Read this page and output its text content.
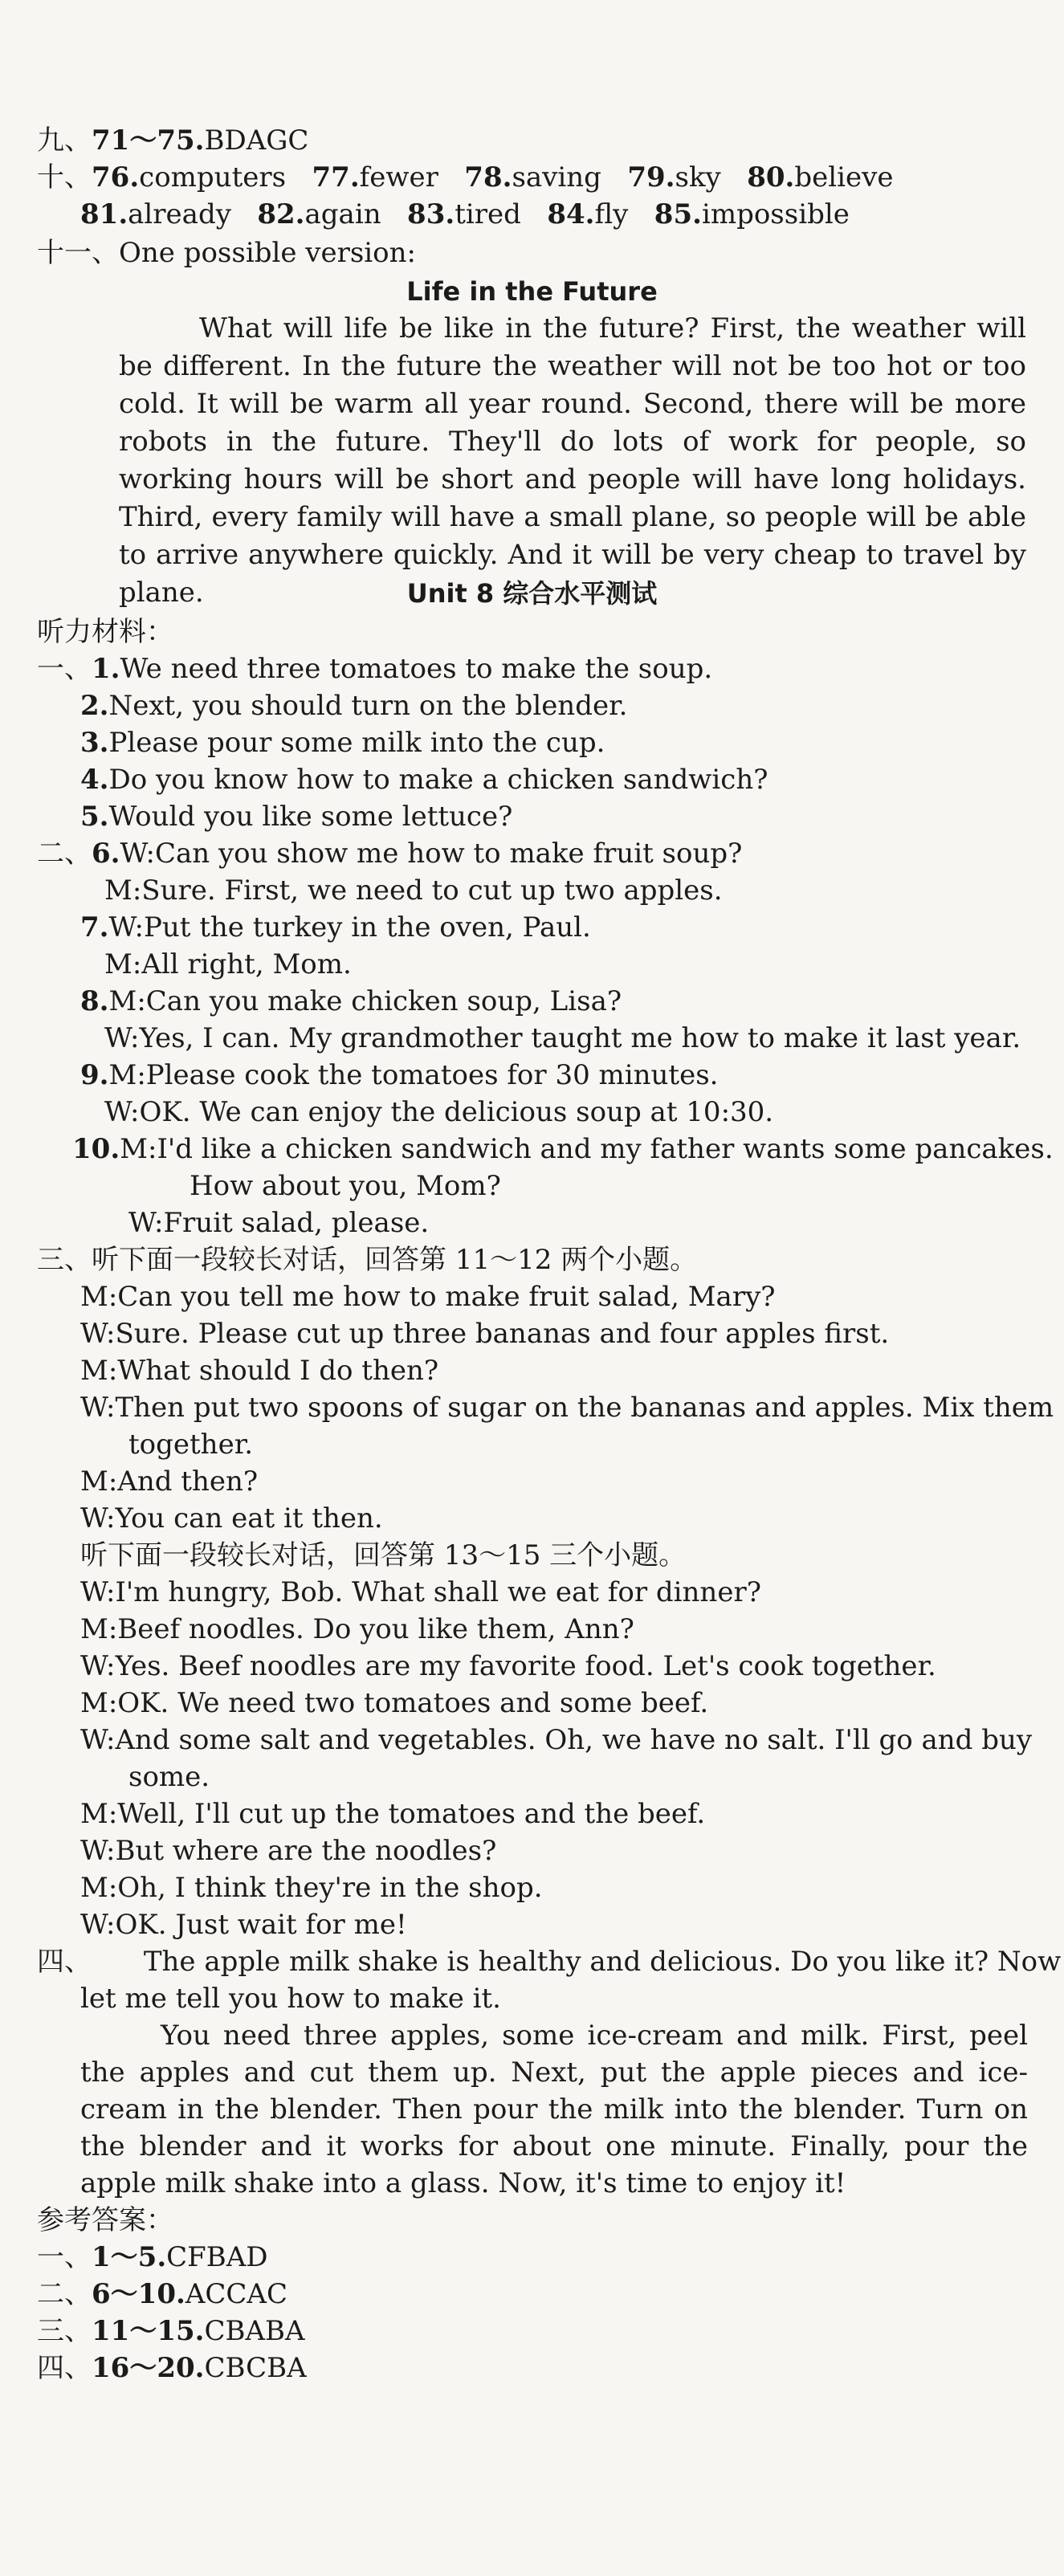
九、71～75.BDAGC
十、76.computers 77.fewer 78.saving 79.sky 80.believe
81.already 82.again 83.tired 84.fly 85.impossible
十一、One possible version:
Life in the Future
What will life be like in the future? First, the weather will be different. In the future the weather will not be too hot or too cold. It will be warm all year round. Second, there will be more robots in the future. They'll do lots of work for people, so working hours will be short and people will have long holidays. Third, every family will have a small plane, so people will be able to arrive anywhere quickly. And it will be very cheap to travel by plane.	Unit 8 综合水平测试
听力材料：
一、1.We need three tomatoes to make the soup.
2.Next, you should turn on the blender.
3.Please pour some milk into the cup.
4.Do you know how to make a chicken sandwich?
5.Would you like some lettuce?
二、6.W:Can you show me how to make fruit soup?
M:Sure. First, we need to cut up two apples.
7.W:Put the turkey in the oven, Paul.
M:All right, Mom.
8.M:Can you make chicken soup, Lisa?
W:Yes, I can. My grandmother taught me how to make it last year.
9.M:Please cook the tomatoes for 30 minutes.
W:OK. We can enjoy the delicious soup at 10:30.
10.M:I'd like a chicken sandwich and my father wants some pancakes.
How about you, Mom?
W:Fruit salad, please.
三、听下面一段较长对话，回答第 11～12 两个小题。
M:Can you tell me how to make fruit salad, Mary?
W:Sure. Please cut up three bananas and four apples first.
M:What should I do then?
W:Then put two spoons of sugar on the bananas and apples. Mix them
together.
M:And then?
W:You can eat it then.
听下面一段较长对话，回答第 13～15 三个小题。
W:I'm hungry, Bob. What shall we eat for dinner?
M:Beef noodles. Do you like them, Ann?
W:Yes. Beef noodles are my favorite food. Let's cook together.
M:OK. We need two tomatoes and some beef.
W:And some salt and vegetables. Oh, we have no salt. I'll go and buy
some.
M:Well, I'll cut up the tomatoes and the beef.
W:But where are the noodles?
M:Oh, I think they're in the shop.
W:OK. Just wait for me!
四、 The apple milk shake is healthy and delicious. Do you like it? Now
let me tell you how to make it.
You need three apples, some ice-cream and milk. First, peel the apples and cut them up. Next, put the apple pieces and ice-cream in the blender. Then pour the milk into the blender. Turn on the blender and it works for about one minute. Finally, pour the apple milk shake into a glass. Now, it's time to enjoy it!
参考答案：
一、1～5.CFBAD
二、6～10.ACCAC
三、11～15.CBABA
四、16～20.CBCBA
